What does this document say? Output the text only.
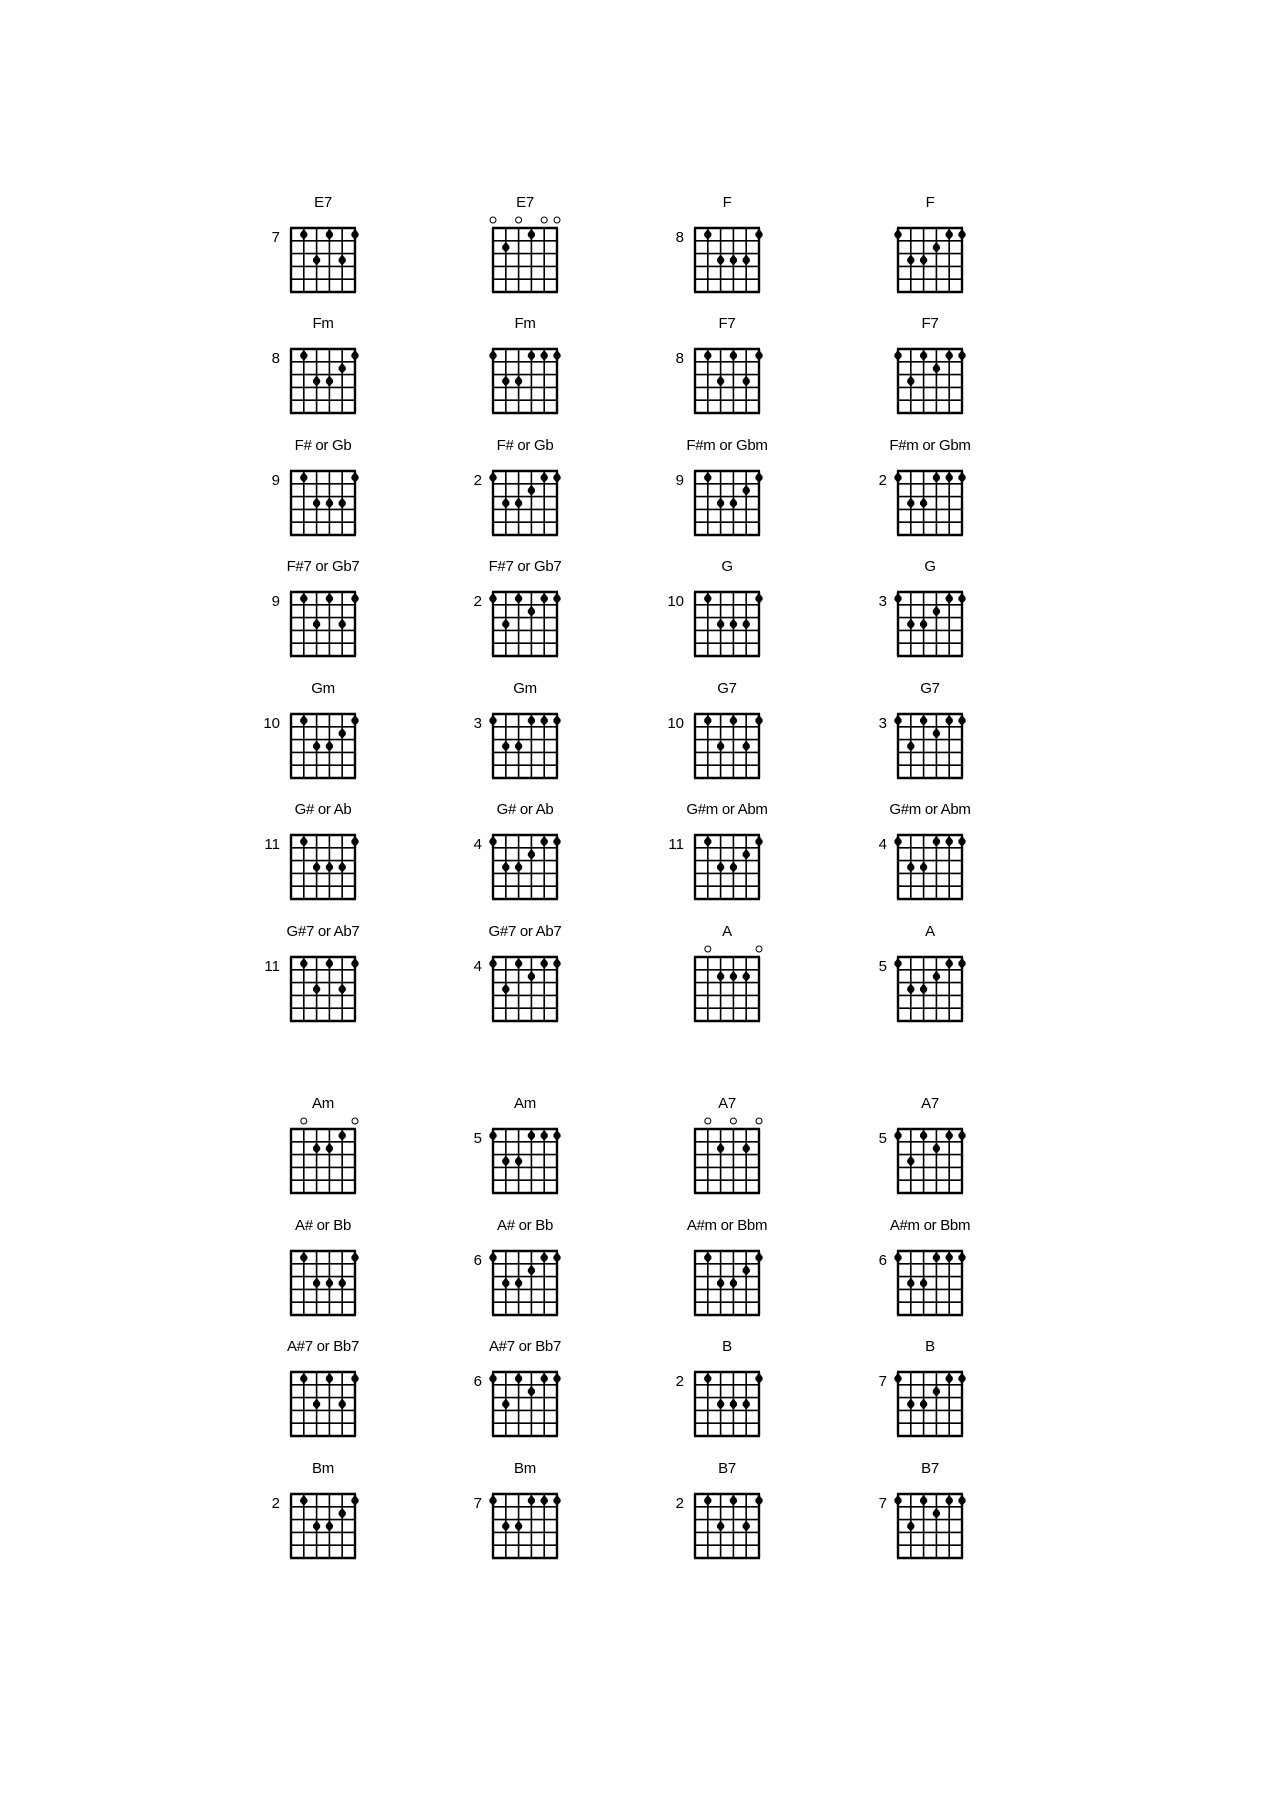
E7
7
E7	F
8
F
Fm
8
Fm	F7
8
F7
F# or Gb
9
F# or Gb
2
F#m or Gbm
9
F#m or Gbm
2
F#7 or Gb7
9
F#7 or Gb7
2
G
10
G
3
Gm
10
Gm
3
G7
10
G7
3
G# or Ab
11
G# or Ab
4
G#m or Abm
11
G#m or Abm
4
G#7 or Ab7
11
G#7 or Ab7
4
A	A
5
Am	Am
5
A7	A7
5
A# or Bb	A# or Bb
6
A#m or Bbm	A#m or Bbm
6
A#7 or Bb7	A#7 or Bb7
6
B
2
B
7
Bm
2
Bm
7
B7
2
B7
7
